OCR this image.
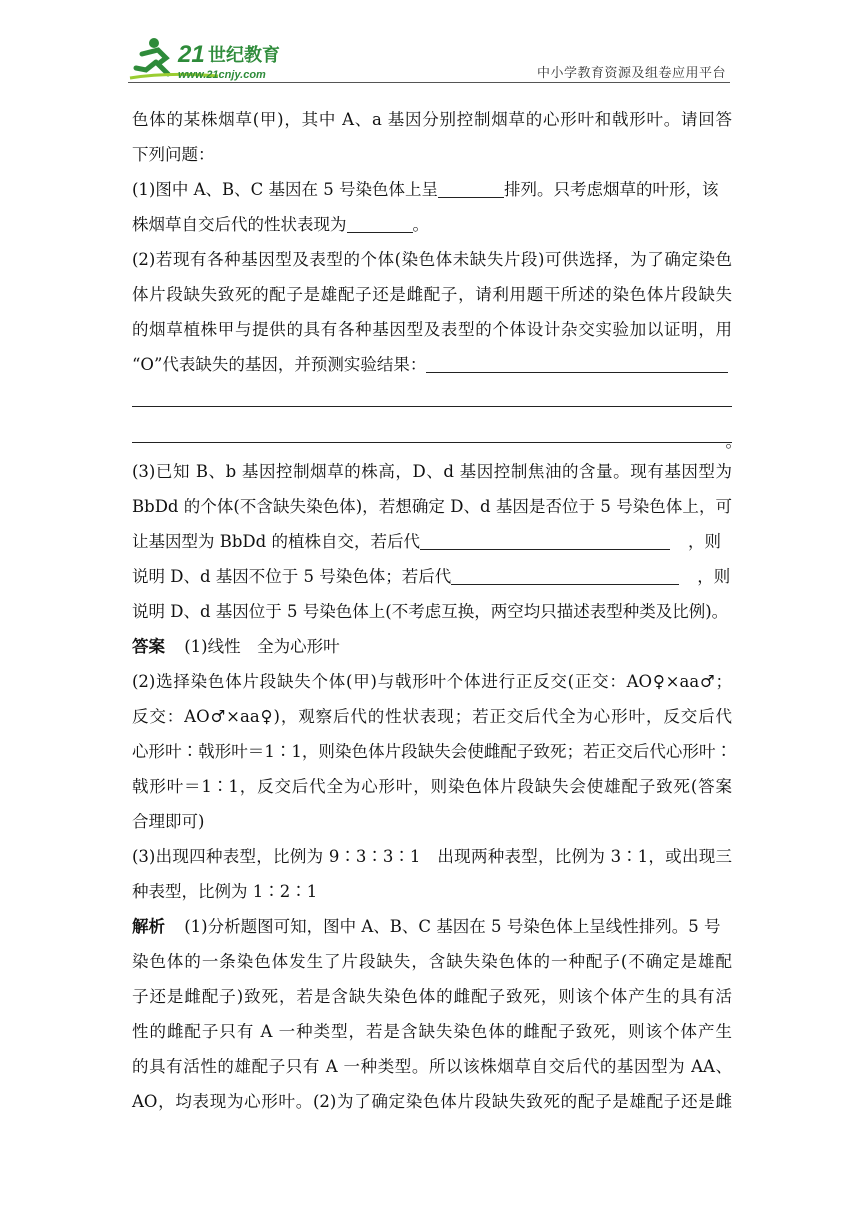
21 世纪教育
www.21cnjy.com	中小学教育资源及组卷应用平台
色体的某株烟草(甲)，其中 A、a 基因分别控制烟草的心形叶和戟形叶。请回答
下列问题：
(1)图中 A、B、C 基因在 5 号染色体上呈	排列。只考虑烟草的叶形，该
株烟草自交后代的性状表现为	。
(2)若现有各种基因型及表型的个体(染色体未缺失片段)可供选择，为了确定染色
体片段缺失致死的配子是雄配子还是雌配子，请利用题干所述的染色体片段缺失
的烟草植株甲与提供的具有各种基因型及表型的个体设计杂交实验加以证明，用
“O”代表缺失的基因，并预测实验结果：
。
(3)已知 B、b 基因控制烟草的株高，D、d 基因控制焦油的含量。现有基因型为
BbDd 的个体(不含缺失染色体)，若想确定 D、d 基因是否位于 5 号染色体上，可
让基因型为 BbDd 的植株自交，若后代	，则
说明 D、d 基因不位于 5 号染色体；若后代	，则
说明 D、d 基因位于 5 号染色体上(不考虑互换，两空均只描述表型种类及比例)。
答案 (1)线性　全为心形叶
(2)选择染色体片段缺失个体(甲)与戟形叶个体进行正反交(正交：AO♀×aa♂；
反交：AO♂×aa♀)，观察后代的性状表现；若正交后代全为心形叶，反交后代
心形叶∶戟形叶＝1∶1，则染色体片段缺失会使雌配子致死；若正交后代心形叶∶
戟形叶＝1∶1，反交后代全为心形叶，则染色体片段缺失会使雄配子致死(答案
合理即可)
(3)出现四种表型，比例为 9∶3∶3∶1　出现两种表型，比例为 3∶1，或出现三
种表型，比例为 1∶2∶1
解析 (1)分析题图可知，图中 A、B、C 基因在 5 号染色体上呈线性排列。5 号
染色体的一条染色体发生了片段缺失，含缺失染色体的一种配子(不确定是雄配
子还是雌配子)致死，若是含缺失染色体的雌配子致死，则该个体产生的具有活
性的雌配子只有 A 一种类型，若是含缺失染色体的雌配子致死，则该个体产生
的具有活性的雄配子只有 A 一种类型。所以该株烟草自交后代的基因型为 AA、
AO，均表现为心形叶。(2)为了确定染色体片段缺失致死的配子是雄配子还是雌
